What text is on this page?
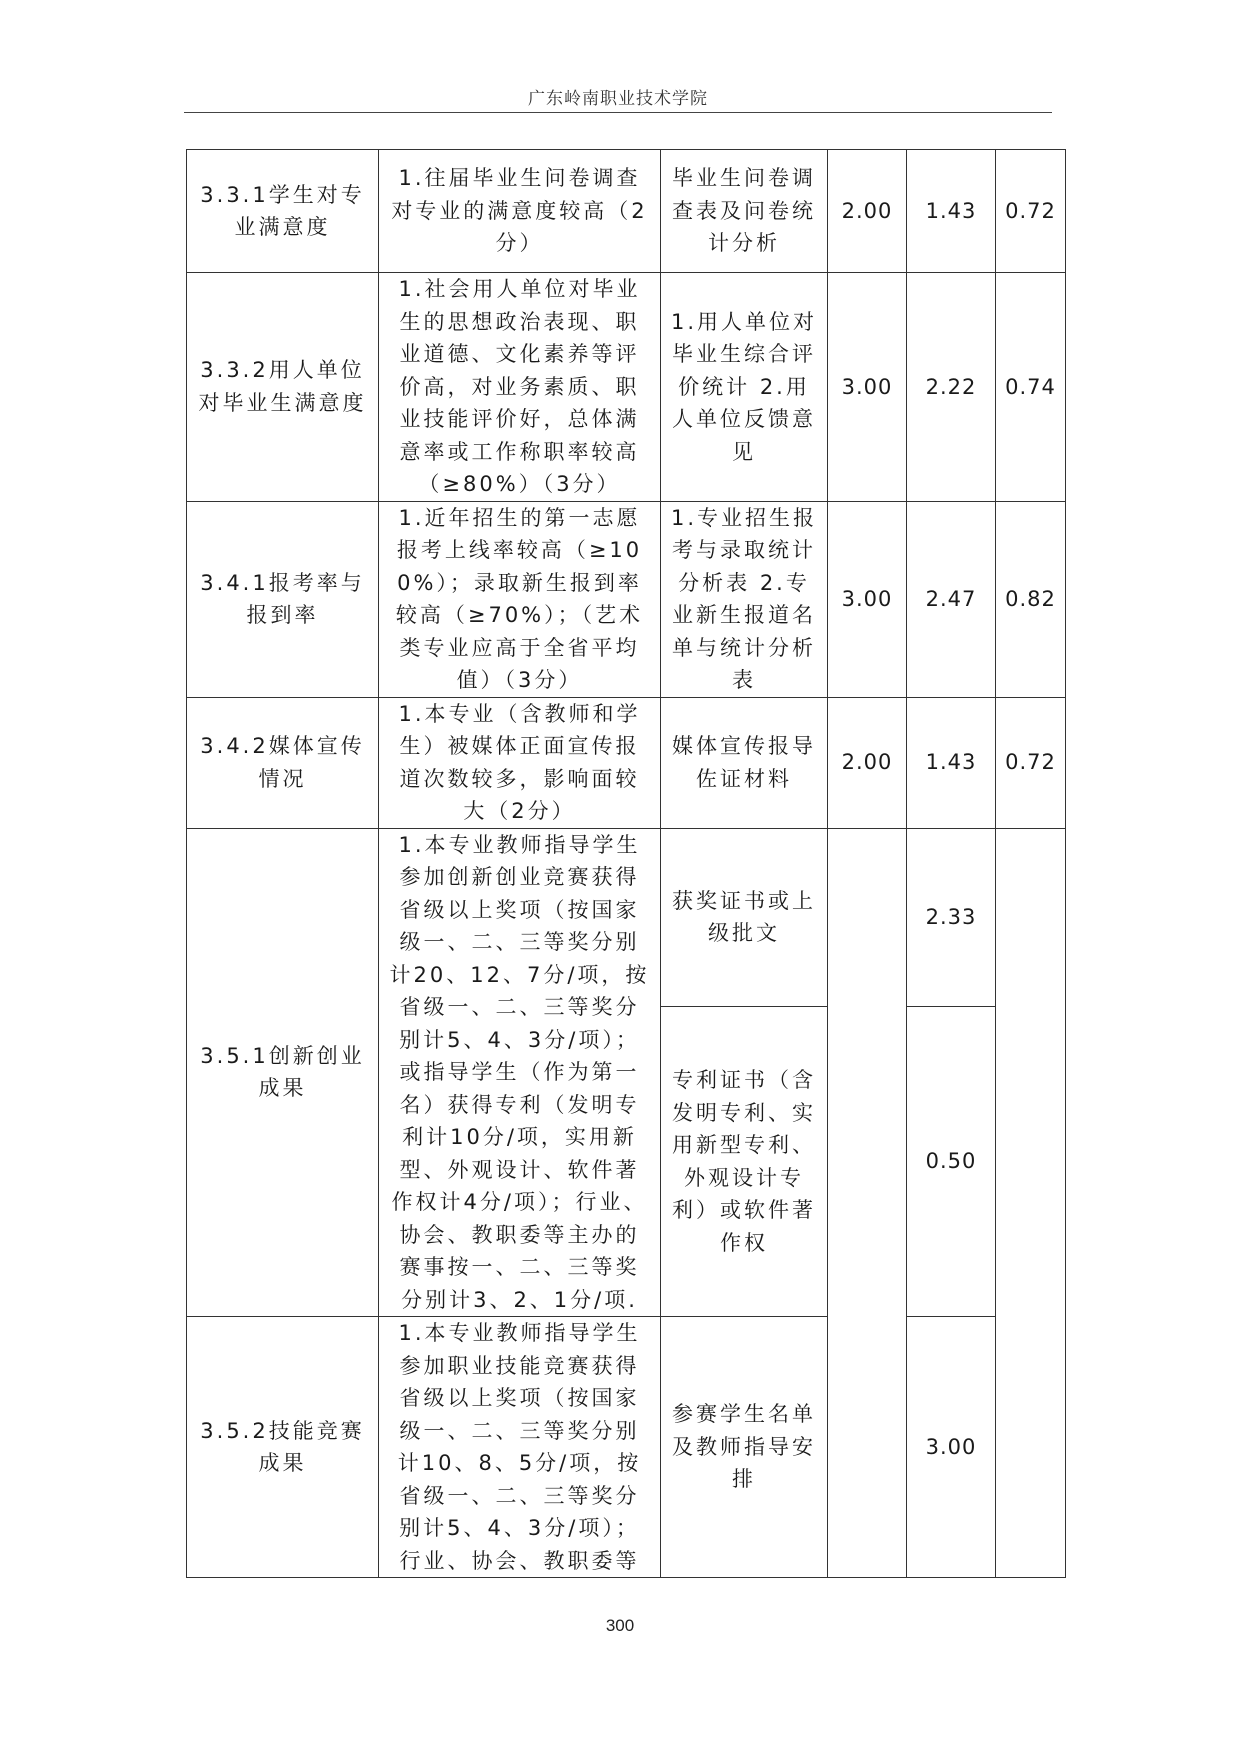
广东岭南职业技术学院
3.3.1学生对专业满意度	1.往届毕业生问卷调查对专业的满意度较高（2分）	毕业生问卷调查表及问卷统计分析	2.00	1.43	0.72
3.3.2用人单位对毕业生满意度	1.社会用人单位对毕业生的思想政治表现、职业道德、文化素养等评价高，对业务素质、职业技能评价好，总体满意率或工作称职率较高（≥80%）（3分）	1.用人单位对毕业生综合评价统计 2.用人单位反馈意见	3.00	2.22	0.74
3.4.1报考率与报到率	1.近年招生的第一志愿报考上线率较高（≥100%）；录取新生报到率较高（≥70%）；（艺术类专业应高于全省平均值）（3分）	1.专业招生报考与录取统计分析表 2.专业新生报道名单与统计分析表	3.00	2.47	0.82
3.4.2媒体宣传情况	1.本专业（含教师和学生）被媒体正面宣传报道次数较多，影响面较大（2分）	媒体宣传报导佐证材料	2.00	1.43	0.72
3.5.1创新创业成果	1.本专业教师指导学生参加创新创业竞赛获得省级以上奖项（按国家级一、二、三等奖分别计20、12、7分/项，按省级一、二、三等奖分别计5、4、3分/项）；或指导学生（作为第一名）获得专利（发明专利计10分/项，实用新型、外观设计、软件著作权计4分/项）；行业、协会、教职委等主办的赛事按一、二、三等奖分别计3、2、1分/项.	获奖证书或上级批文		2.33	
		专利证书（含发明专利、实用新型专利、外观设计专利）或软件著作权		0.50	
3.5.2技能竞赛成果	1.本专业教师指导学生参加职业技能竞赛获得省级以上奖项（按国家级一、二、三等奖分别计10、8、5分/项，按省级一、二、三等奖分别计5、4、3分/项）；行业、协会、教职委等	参赛学生名单及教师指导安排		3.00	
300
